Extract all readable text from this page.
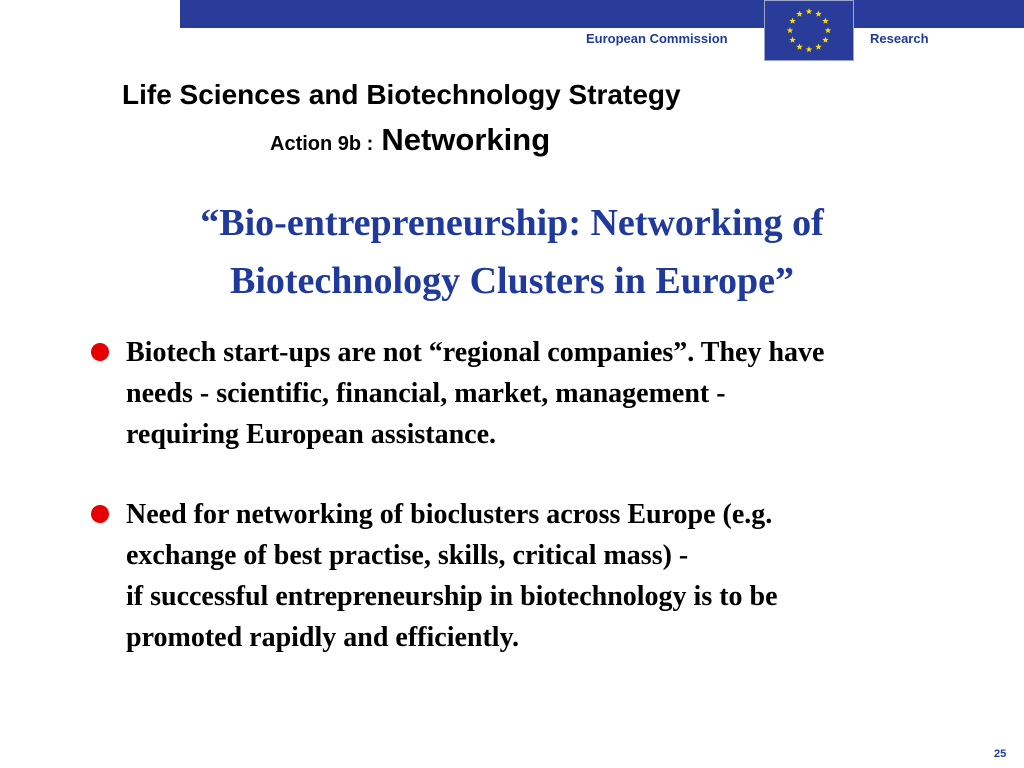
European Commission	Research
Life Sciences and Biotechnology Strategy
Action 9b : Networking
“Bio-entrepreneurship: Networking of
Biotechnology Clusters in Europe”
Biotech start-ups are not “regional companies”. They have
needs - scientific, financial, market, management -
requiring European assistance.
Need for networking of bioclusters across Europe (e.g.
exchange of best practise, skills, critical mass) -
if successful entrepreneurship in biotechnology is to be
promoted rapidly and efficiently.
25
